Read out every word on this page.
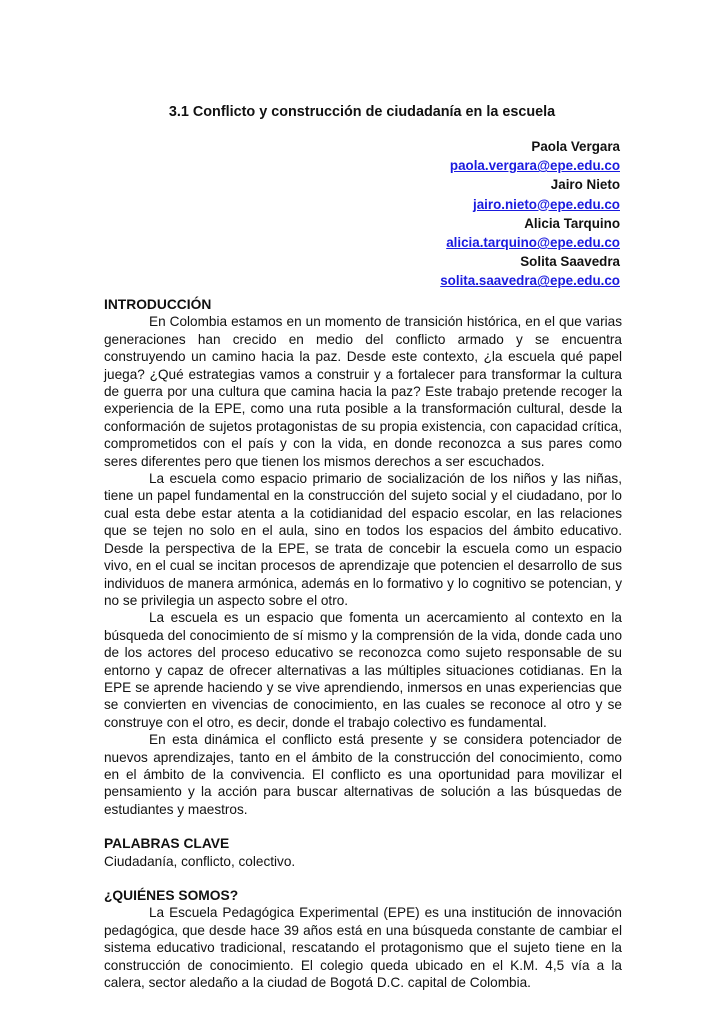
3.1 Conflicto y construcción de ciudadanía en la escuela
Paola Vergara
paola.vergara@epe.edu.co
Jairo Nieto
jairo.nieto@epe.edu.co
Alicia Tarquino
alicia.tarquino@epe.edu.co
Solita Saavedra
solita.saavedra@epe.edu.co
INTRODUCCIÓN

En Colombia estamos en un momento de transición histórica, en el que varias generaciones han crecido en medio del conflicto armado y se encuentra construyendo un camino hacia la paz. Desde este contexto, ¿la escuela qué papel juega? ¿Qué estrategias vamos a construir y a fortalecer para transformar la cultura de guerra por una cultura que camina hacia la paz? Este trabajo pretende recoger la experiencia de la EPE, como una ruta posible a la transformación cultural, desde la conformación de sujetos protagonistas de su propia existencia, con capacidad crítica, comprometidos con el país y con la vida, en donde reconozca a sus pares como seres diferentes pero que tienen los mismos derechos a ser escuchados.

La escuela como espacio primario de socialización de los niños y las niñas, tiene un papel fundamental en la construcción del sujeto social y el ciudadano, por lo cual esta debe estar atenta a la cotidianidad del espacio escolar, en las relaciones que se tejen no solo en el aula, sino en todos los espacios del ámbito educativo. Desde la perspectiva de la EPE, se trata de concebir la escuela como un espacio vivo, en el cual se incitan procesos de aprendizaje que potencien el desarrollo de sus individuos de manera armónica, además en lo formativo y lo cognitivo se potencian, y no se privilegia un aspecto sobre el otro.

La escuela es un espacio que fomenta un acercamiento al contexto en la búsqueda del conocimiento de sí mismo y la comprensión de la vida, donde cada uno de los actores del proceso educativo se reconozca como sujeto responsable de su entorno y capaz de ofrecer alternativas a las múltiples situaciones cotidianas. En la EPE se aprende haciendo y se vive aprendiendo, inmersos en unas experiencias que se convierten en vivencias de conocimiento, en las cuales se reconoce al otro y se construye con el otro, es decir, donde el trabajo colectivo es fundamental.

En esta dinámica el conflicto está presente y se considera potenciador de nuevos aprendizajes, tanto en el ámbito de la construcción del conocimiento, como en el ámbito de la convivencia. El conflicto es una oportunidad para movilizar el pensamiento y la acción para buscar alternativas de solución a las búsquedas de estudiantes y maestros.

PALABRAS CLAVE

Ciudadanía, conflicto, colectivo.

¿QUIÉNES SOMOS?

La Escuela Pedagógica Experimental (EPE) es una institución de innovación pedagógica, que desde hace 39 años está en una búsqueda constante de cambiar el sistema educativo tradicional, rescatando el protagonismo que el sujeto tiene en la construcción de conocimiento. El colegio queda ubicado en el K.M. 4,5 vía a la calera, sector aledaño a la ciudad de Bogotá D.C. capital de Colombia.
